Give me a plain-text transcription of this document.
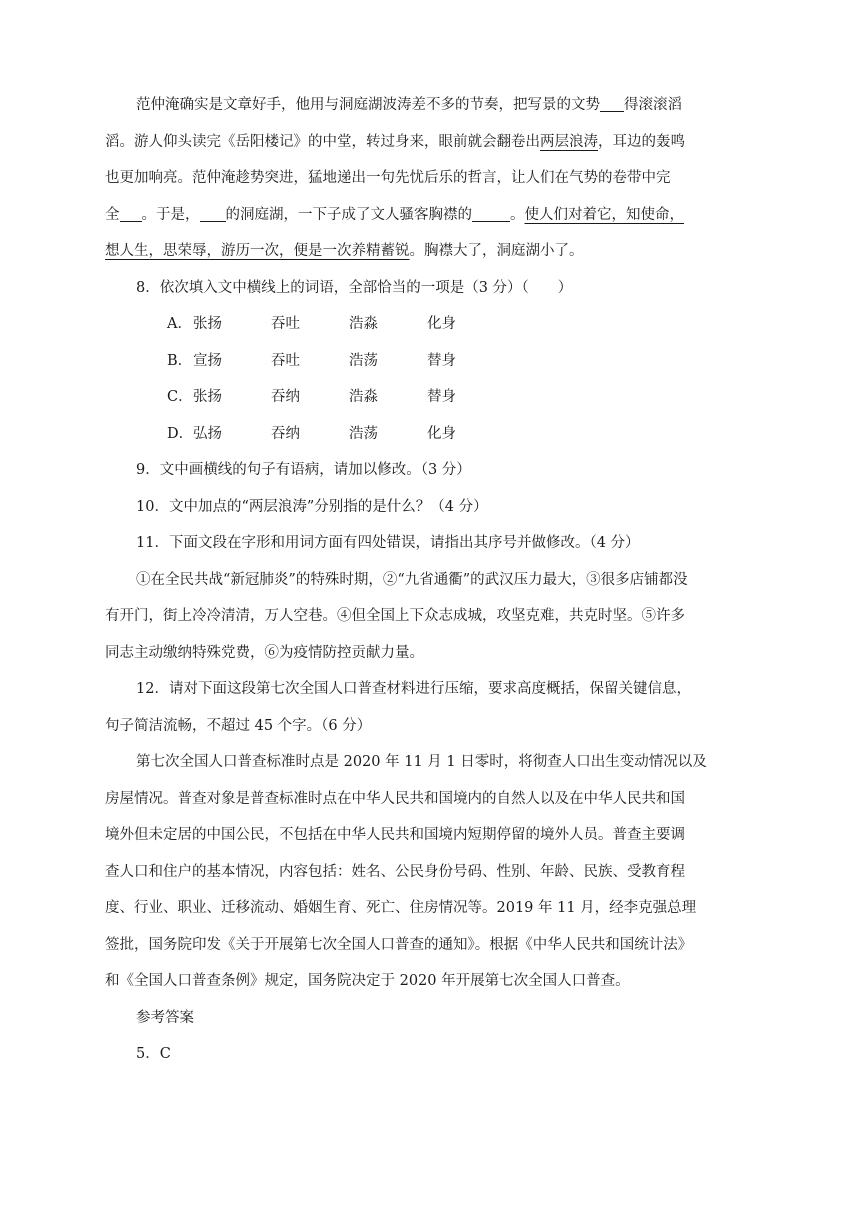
范仲淹确实是文章好手，他用与洞庭湖波涛差不多的节奏，把写景的文势 得滚滚滔

滔。游人仰头读完《岳阳楼记》的中堂，转过身来，眼前就会翻卷出两层浪涛，耳边的轰鸣

也更加响亮。范仲淹趁势突进，猛地递出一句先忧后乐的哲言，让人们在气势的卷带中完

全 。于是， 的洞庭湖，一下子成了文人骚客胸襟的	。使人们对着它，知使命，

想人生，思荣辱，游历一次，便是一次养精蓄锐。胸襟大了，洞庭湖小了。

8．依次填入文中横线上的词语，全部恰当的一项是（3 分）（　　）

A．张扬	吞吐	浩淼	化身

B．宣扬	吞吐	浩荡	替身

C．张扬	吞纳	浩淼	替身

D．弘扬	吞纳	浩荡	化身

9．文中画横线的句子有语病，请加以修改。（3 分）

10．文中加点的“两层浪涛”分别指的是什么？（4 分）

11．下面文段在字形和用词方面有四处错误，请指出其序号并做修改。（4 分）

①在全民共战“新冠肺炎”的特殊时期，②“九省通衢”的武汉压力最大，③很多店铺都没

有开门，街上冷冷清清，万人空巷。④但全国上下众志成城，攻坚克难，共克时坚。⑤许多

同志主动缴纳特殊党费，⑥为疫情防控贡献力量。

12．请对下面这段第七次全国人口普查材料进行压缩，要求高度概括，保留关键信息，

句子简洁流畅，不超过 45 个字。（6 分）

第七次全国人口普查标准时点是 2020 年 11 月 1 日零时，将彻查人口出生变动情况以及

房屋情况。普查对象是普查标准时点在中华人民共和国境内的自然人以及在中华人民共和国

境外但未定居的中国公民，不包括在中华人民共和国境内短期停留的境外人员。普查主要调

查人口和住户的基本情况，内容包括：姓名、公民身份号码、性别、年龄、民族、受教育程

度、行业、职业、迁移流动、婚姻生育、死亡、住房情况等。2019 年 11 月，经李克强总理

签批，国务院印发《关于开展第七次全国人口普查的通知》。根据《中华人民共和国统计法》

和《全国人口普查条例》规定，国务院决定于 2020 年开展第七次全国人口普查。

参考答案

5．C
